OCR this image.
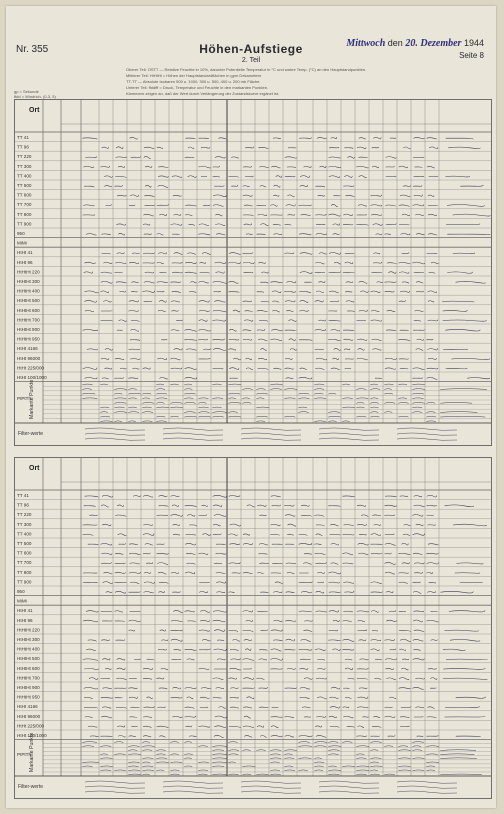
Nr. 355	Höhen-Aufstiege
2. Teil
Mittwoch den 20. Dezember 1944
Seite 8
Oberer Teil: OSTT — Relative Feuchte in 10%, darunter Potentielle Temperatur in °C und wahre Temp. (°C) an den Hauptstandpunkten.
Mittlerer Teil: HtHtHt = Höhen der Hauptstandardflächen in gpm Dekametern
TT-TT — Absolute Isobaren 500 u. 1000, 300 u. 500, 400 u. 200 mb Fläche.
Unterer Teil: ffddfff = Druck, Temperatur und Feuchte in den markanten Punkten.
Klammern zeigen an, daß der Wert durch Verlängerung der Zustandskurve ergänzt ist.
gp = Sekunde
ffdd = Windrich. (0-3, 5)
Ort
TT 41
TT 96
TT 220
TT 300
TT 400
TT 500
TT 600
TT 700
TT 800
TT 900
950
MiMi
HtHt 41
HtHt 96
HtHtHt 220
HtHtHt 300
HtHtHt 400
HtHtHt 500
HtHtHt 600
HtHtHt 700
HtHtHt 900
HtHtHt 950
HtHt 4166
HtHt 96000
HtHt 225/000
HtHt 100/1000
Markante Punkte
PtPtTh
Filter-werte
Ort
TT 41
TT 96
TT 220
TT 300
TT 400
TT 500
TT 600
TT 700
TT 800
TT 900
950
MiMi
HtHt 41
HtHt 96
HtHtHt 220
HtHtHt 300
HtHtHt 400
HtHtHt 500
HtHtHt 600
HtHtHt 700
HtHtHt 900
HtHtHt 950
HtHt 4166
HtHt 96000
HtHt 225/000
HtHt 100/1000
Markante Punkte
PtPtTh
Filter-werte
